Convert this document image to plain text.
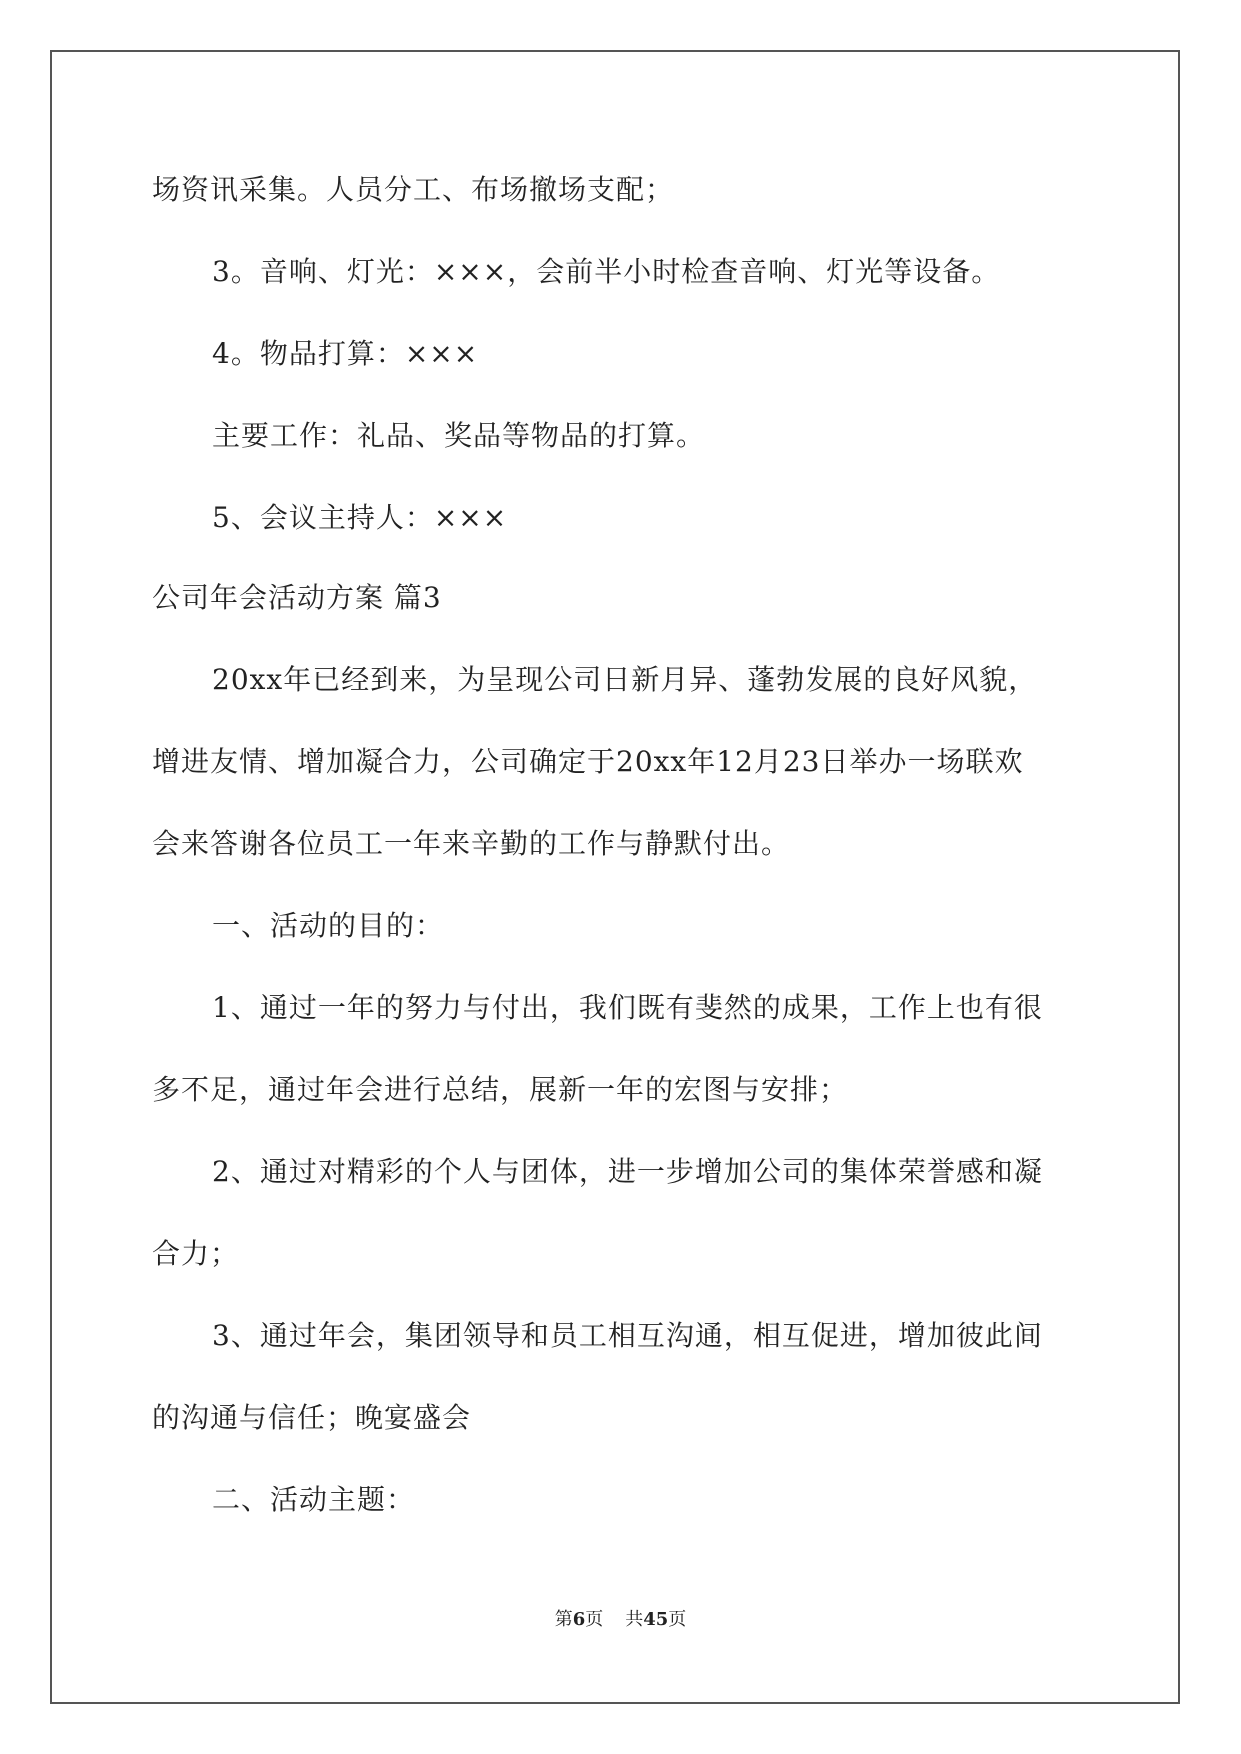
场资讯采集。人员分工、布场撤场支配；
3。音响、灯光：×××，会前半小时检查音响、灯光等设备。
4。物品打算：×××
主要工作：礼品、奖品等物品的打算。
5、会议主持人：×××
公司年会活动方案 篇3
20xx年已经到来，为呈现公司日新月异、蓬勃发展的良好风貌，
增进友情、增加凝合力，公司确定于20xx年12月23日举办一场联欢
会来答谢各位员工一年来辛勤的工作与静默付出。
一、活动的目的：
1、通过一年的努力与付出，我们既有斐然的成果，工作上也有很
多不足，通过年会进行总结，展新一年的宏图与安排；
2、通过对精彩的个人与团体，进一步增加公司的集体荣誉感和凝
合力；
3、通过年会，集团领导和员工相互沟通，相互促进，增加彼此间
的沟通与信任；晚宴盛会
二、活动主题：
第6页 共45页
